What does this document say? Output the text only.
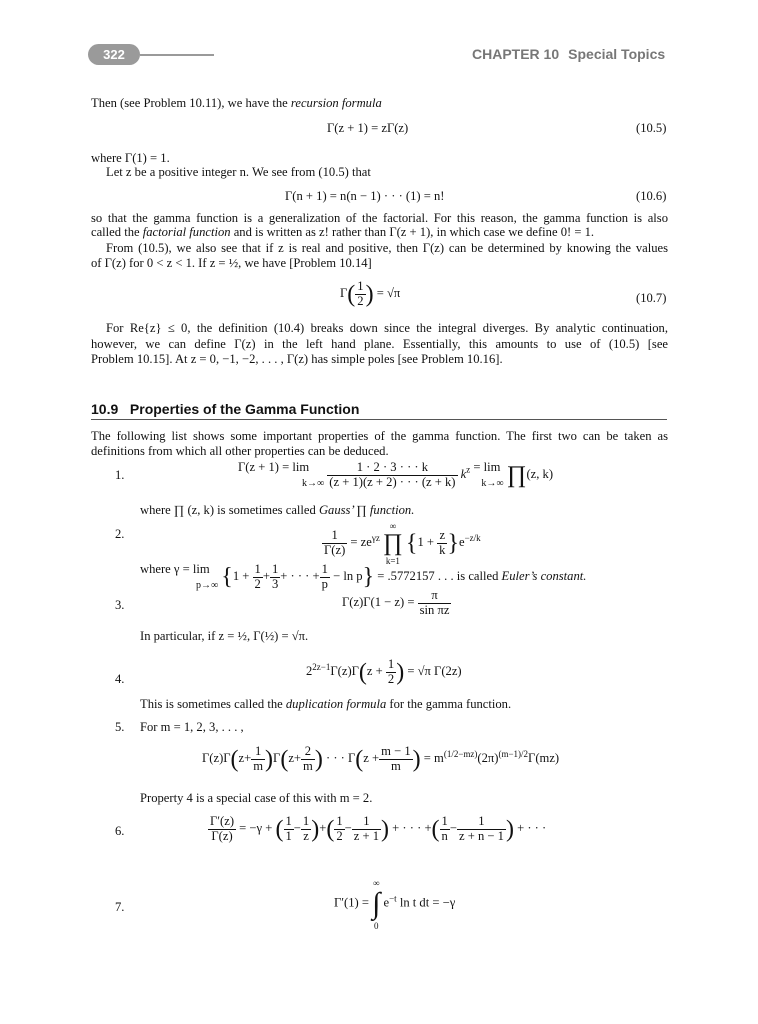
322	CHAPTER 10 Special Topics
Then (see Problem 10.11), we have the recursion formula
Γ(z + 1) = zΓ(z)	(10.5)
where Γ(1) = 1.
Let z be a positive integer n. We see from (10.5) that
Γ(n + 1) = n(n − 1) · · · (1) = n!	(10.6)
so that the gamma function is a generalization of the factorial. For this reason, the gamma function is also
called the factorial function and is written as z! rather than Γ(z + 1), in which case we define 0! = 1.
From (10.5), we also see that if z is real and positive, then Γ(z) can be determined by knowing the values
of Γ(z) for 0 < z < 1. If z = ½, we have [Problem 10.14]
$\Gamma( \frac{1}{2}$ ) = √π	(10.7)
For Re{z} ≤ 0, the definition (10.4) breaks down since the integral diverges. By analytic continuation,
however, we can define Γ(z) in the left hand plane. Essentially, this amounts to use of (10.5) [see
Problem 10.15]. At z = 0, −1, −2, . . . , Γ(z) has simple poles [see Problem 10.16].
10.9 Properties of the Gamma Function
The following list shows some important properties of the gamma function. The first two can be taken as
definitions from which all other properties can be deduced.
1.
Γ(z + 1) = lim
$k\to\infty \frac{1 \cdot 2 \cdot 3 \cdot \cdot \cdot k}{(z + 1)(z + 2) \cdot \cdot \cdot (z + k)} k^z = \lim$
k→∞ ∏(z, k)
where ∏ (z, k) is sometimes called Gauss’ ∏ function.
2.	$\frac{1}{\Gamma(z)} = ze^{\gamma z}$ ∞
∏
k=1 $\{1 + \frac{z}{k} \}e^{-z/k}$
where γ = lim
p→∞ {$1 + \frac{1}{2} + \frac{1}{3}$ + · · · + $\frac{1}{p} - \ln p\} = .5772157$ . . . is called Euler’s constant.
3.	$\Gamma(z)\Gamma(1 - z) = \frac{\pi}{\text{sin πz}}$
In particular, if z = ½, Γ(½) = √π.
4.
$2^{2z-1}\Gamma(z)\Gamma(z + \frac{1}{2}$ ) = √π Γ(2z)
This is sometimes called the duplication formula for the gamma function.
5. For m = 1, 2, 3, . . . ,
$\Gamma(z)\Gamma(z+ \frac{1}{m} )\Gamma(z+ \frac{2}{m}$ ) · · · $\Gamma(z + \frac{m - 1}{m}$ ) = $m^{(1/2-mz)}(2\pi)^{(m-1)/2}\Gamma(mz)$
Property 4 is a special case of this with m = 2.
6.	$\frac{\Gamma'(z)}{\Gamma(z)} = -\gamma$ + ( $\frac{1}{1} - \frac{1}{z}$ )+( $\frac{1}{2} - \frac{1}{z + 1}$ ) + · · · +( $\frac{1}{n} - \frac{1}{z + n - 1}$ ) + · · ·
7.	Γ′(1) = ∞
∫
0 $e^{-t}$ ln t dt = −γ
